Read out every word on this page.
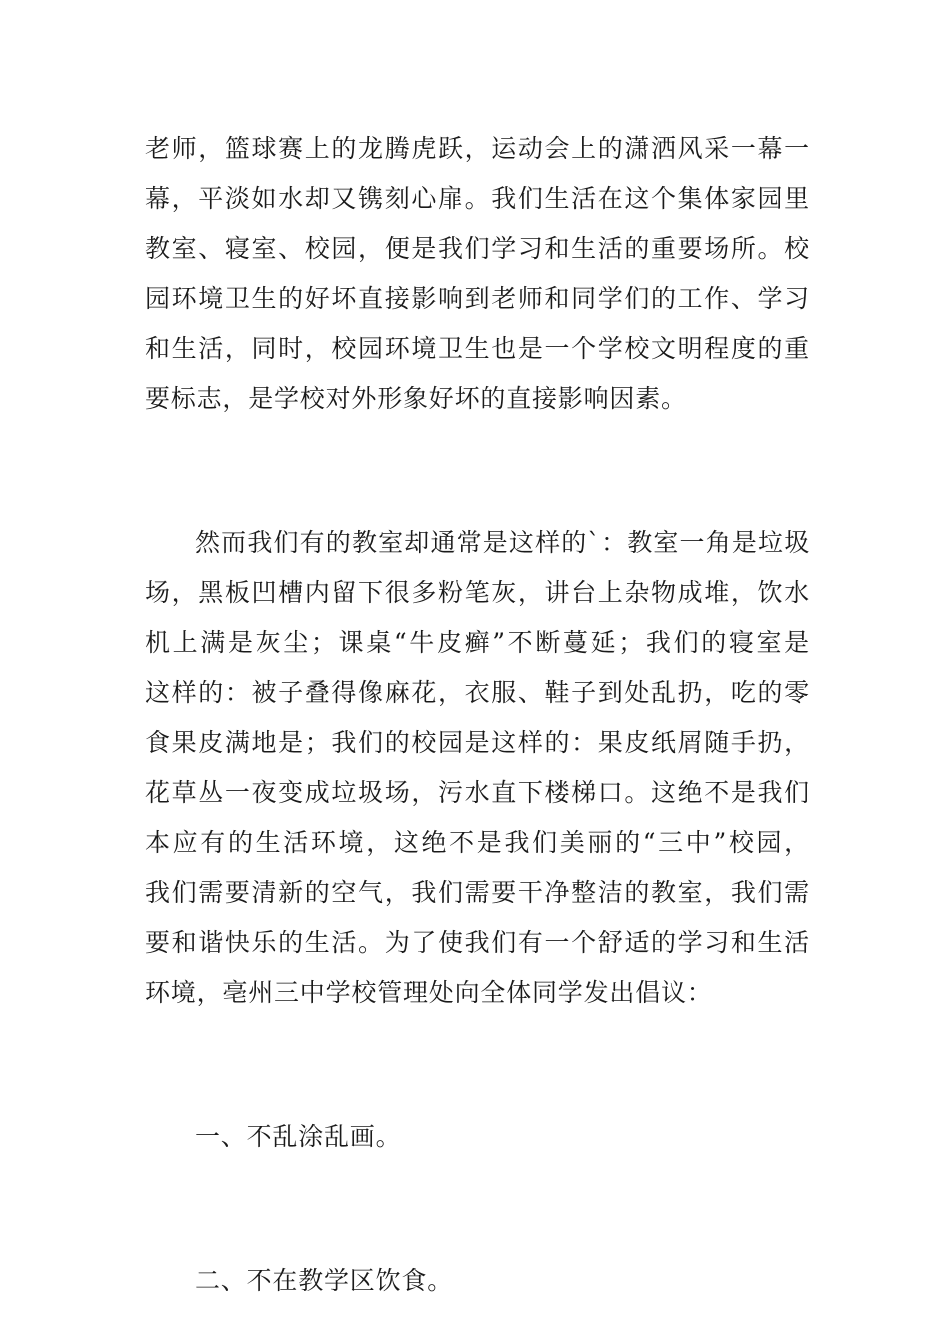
老师，篮球赛上的龙腾虎跃，运动会上的潇洒风采一幕一
幕，平淡如水却又镌刻心扉。我们生活在这个集体家园里
教室、寝室、校园，便是我们学习和生活的重要场所。校
园环境卫生的好坏直接影响到老师和同学们的工作、学习
和生活，同时，校园环境卫生也是一个学校文明程度的重
要标志，是学校对外形象好坏的直接影响因素。
然而我们有的教室却通常是这样的`：教室一角是垃圾
场，黑板凹槽内留下很多粉笔灰，讲台上杂物成堆，饮水
机上满是灰尘；课桌“牛皮癣”不断蔓延；我们的寝室是
这样的：被子叠得像麻花，衣服、鞋子到处乱扔，吃的零
食果皮满地是；我们的校园是这样的：果皮纸屑随手扔，
花草丛一夜变成垃圾场，污水直下楼梯口。这绝不是我们
本应有的生活环境，这绝不是我们美丽的“三中”校园，
我们需要清新的空气，我们需要干净整洁的教室，我们需
要和谐快乐的生活。为了使我们有一个舒适的学习和生活
环境，亳州三中学校管理处向全体同学发出倡议：
一、不乱涂乱画。
二、不在教学区饮食。
